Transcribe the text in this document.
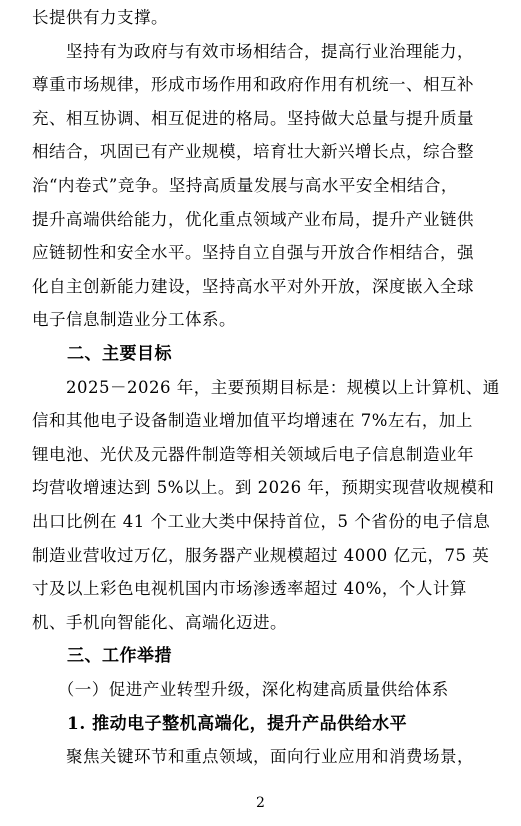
长提供有力支撑。
　　坚持有为政府与有效市场相结合，提高行业治理能力，
尊重市场规律，形成市场作用和政府作用有机统一、相互补
充、相互协调、相互促进的格局。坚持做大总量与提升质量
相结合，巩固已有产业规模，培育壮大新兴增长点，综合整
治“内卷式”竞争。坚持高质量发展与高水平安全相结合，
提升高端供给能力，优化重点领域产业布局，提升产业链供
应链韧性和安全水平。坚持自立自强与开放合作相结合，强
化自主创新能力建设，坚持高水平对外开放，深度嵌入全球
电子信息制造业分工体系。
　　二、主要目标
　　2025－2026 年，主要预期目标是：规模以上计算机、通
信和其他电子设备制造业增加值平均增速在 7%左右，加上
锂电池、光伏及元器件制造等相关领域后电子信息制造业年
均营收增速达到 5%以上。到 2026 年，预期实现营收规模和
出口比例在 41 个工业大类中保持首位，5 个省份的电子信息
制造业营收过万亿，服务器产业规模超过 4000 亿元，75 英
寸及以上彩色电视机国内市场渗透率超过 40%，个人计算
机、手机向智能化、高端化迈进。
　　三、工作举措
　　（一）促进产业转型升级，深化构建高质量供给体系
　　1. 推动电子整机高端化，提升产品供给水平
　　聚焦关键环节和重点领域，面向行业应用和消费场景，
2
